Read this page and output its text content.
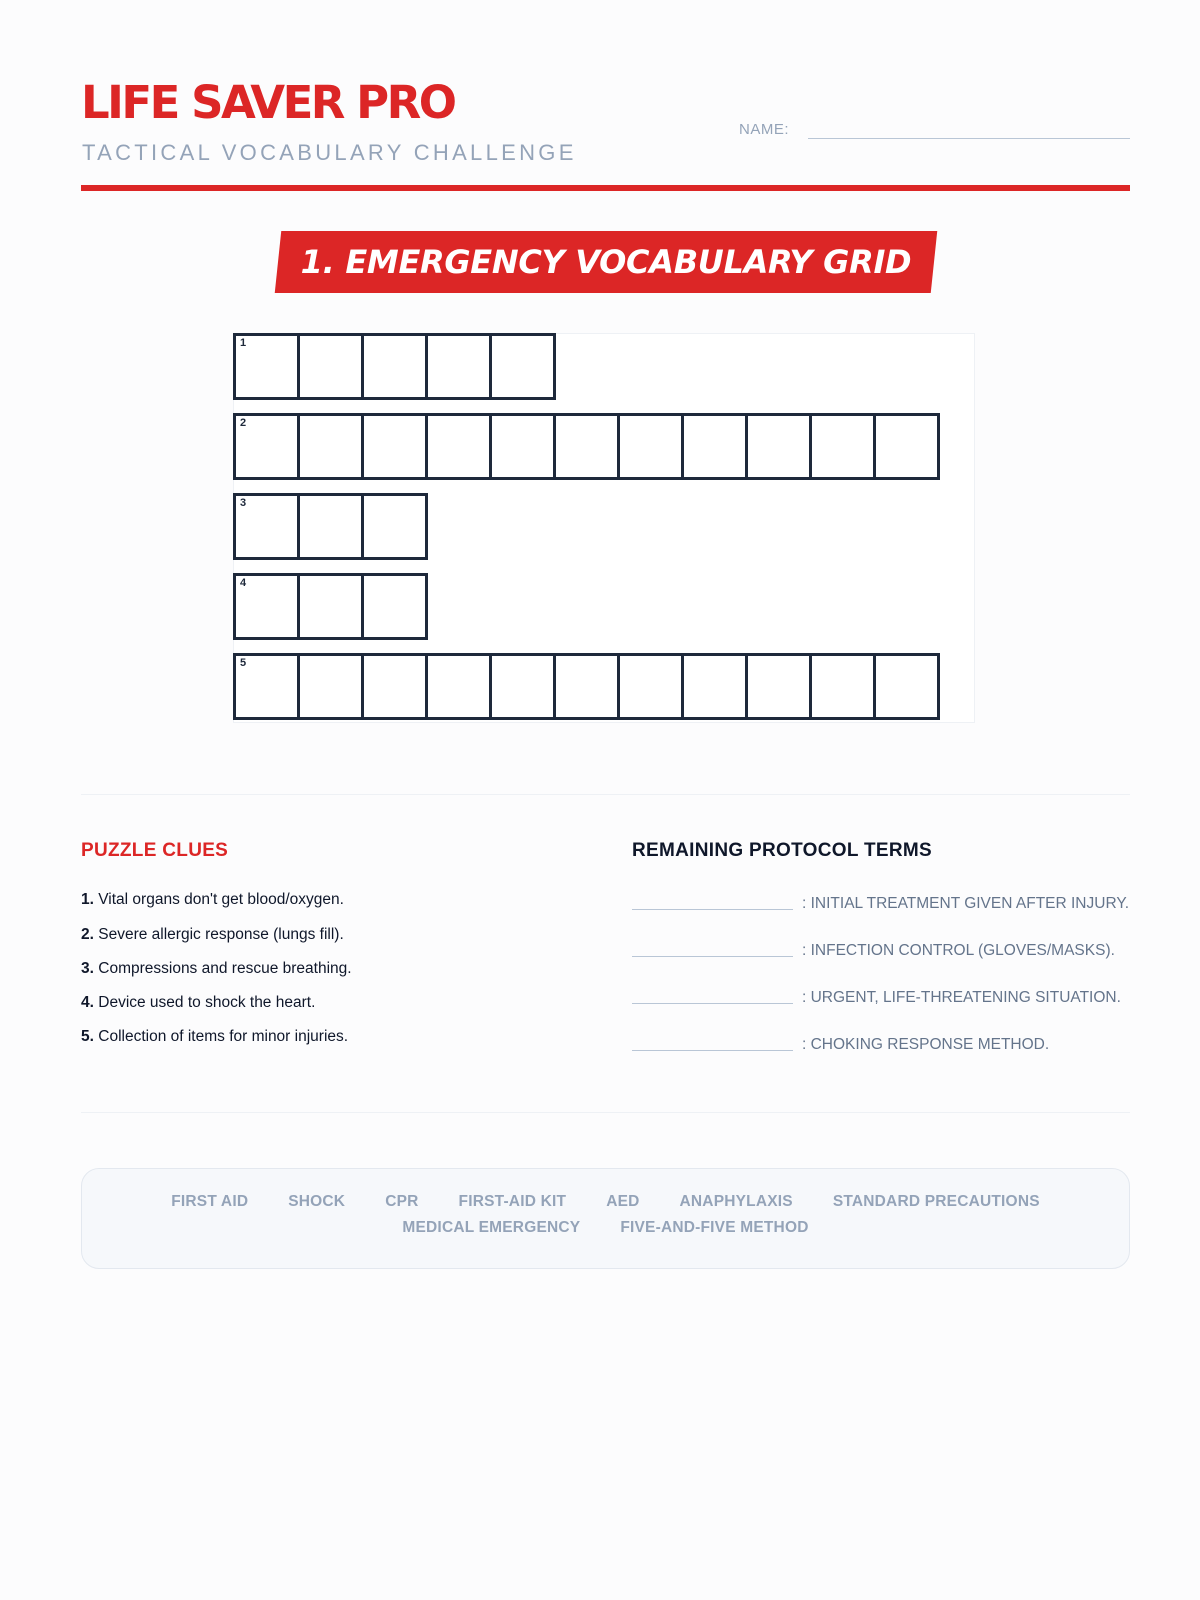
LIFE SAVER PRO
TACTICAL VOCABULARY CHALLENGE
NAME:
1. EMERGENCY VOCABULARY GRID
1
2
3
4
5
PUZZLE CLUES
1. Vital organs don't get blood/oxygen.
2. Severe allergic response (lungs fill).
3. Compressions and rescue breathing.
4. Device used to shock the heart.
5. Collection of items for minor injuries.
REMAINING PROTOCOL TERMS
: INITIAL TREATMENT GIVEN AFTER INJURY.
: INFECTION CONTROL (GLOVES/MASKS).
: URGENT, LIFE-THREATENING SITUATION.
: CHOKING RESPONSE METHOD.
FIRST AID	SHOCK	CPR	FIRST-AID KIT	AED	ANAPHYLAXIS	STANDARD PRECAUTIONS
MEDICAL EMERGENCY	FIVE-AND-FIVE METHOD
